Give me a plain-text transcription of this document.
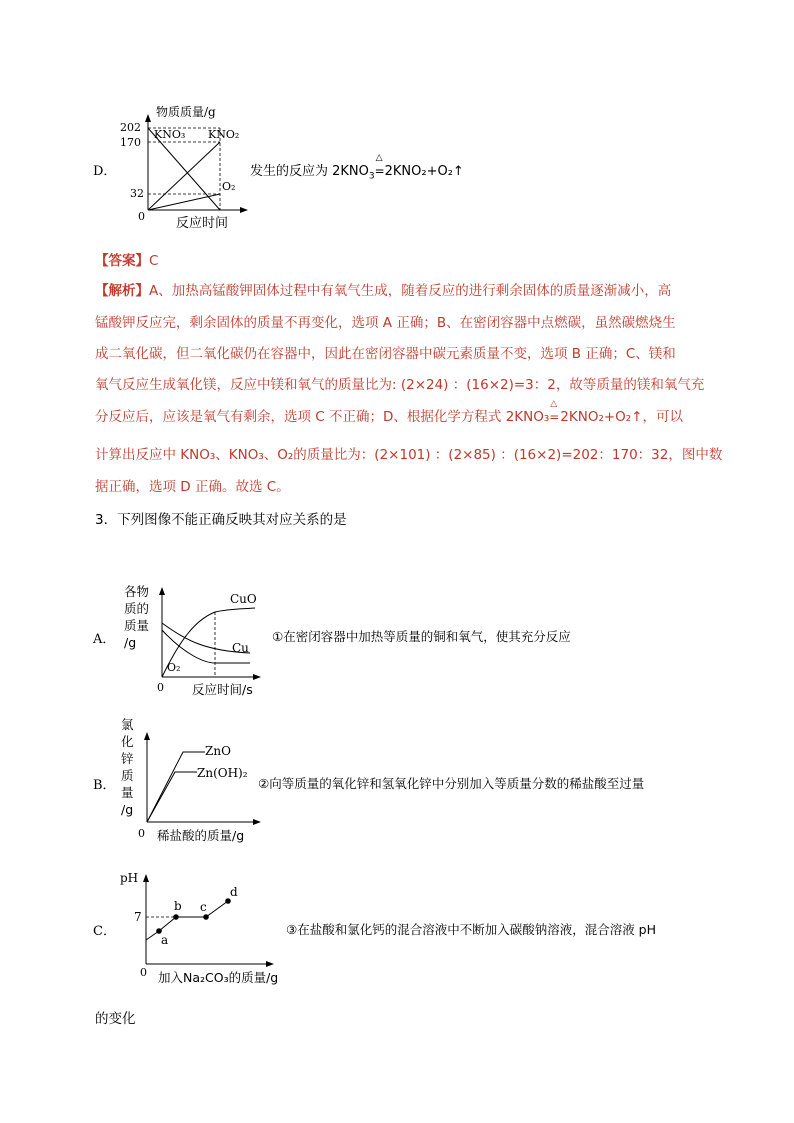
D．
物质质量/g
202
170
32
0
KNO₃ KNO₂
O₂
反应时间
发生的反应为 $2KNO_3$
△
=2KNO₂+O₂↑
【答案】C
【解析】A、加热高锰酸钾固体过程中有氧气生成，随着反应的进行剩余固体的质量逐渐减小，高
锰酸钾反应完，剩余固体的质量不再变化，选项 A 正确；B、在密闭容器中点燃碳，虽然碳燃烧生
成二氧化碳，但二氧化碳仍在容器中，因此在密闭容器中碳元素质量不变，选项 B 正确；C、镁和
氧气反应生成氧化镁，反应中镁和氧气的质量比为: (2×24) ：(16×2)=3：2，故等质量的镁和氧气充
分反应后，应该是氧气有剩余，选项 C 不正确；D、根据化学方程式 2KNO₃
△
=2KNO₂+O₂↑，可以
计算出反应中 KNO₃、KNO₃、O₂的质量比为：(2×101) ：(2×85) ：(16×2)=202：170：32，图中数
据正确，选项 D 正确。故选 C。
3．下列图像不能正确反映其对应关系的是
A．
各物
质的
质量
/g
CuO
Cu
O₂
0 反应时间/s
①在密闭容器中加热等质量的铜和氧气，使其充分反应
B．
氯
化
锌
质
量
/g
ZnO
Zn(OH)₂
0 稀盐酸的质量/g
②向等质量的氧化锌和氢氧化锌中分别加入等质量分数的稀盐酸至过量
C．
pH
7
0
a
b c
d
加入Na₂CO₃的质量/g
③在盐酸和氯化钙的混合溶液中不断加入碳酸钠溶液，混合溶液 pH
的变化
